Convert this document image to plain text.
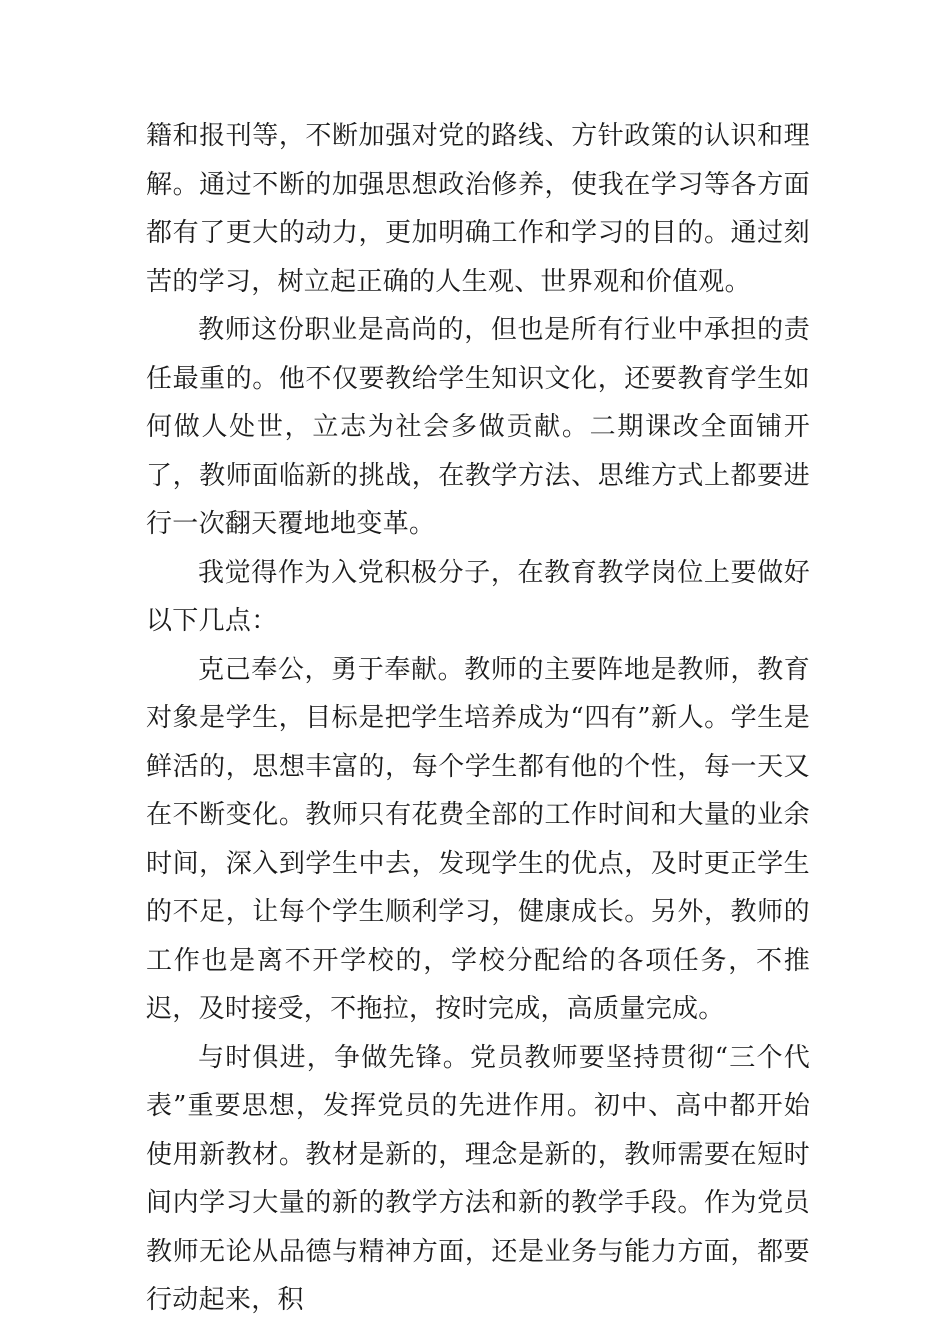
籍和报刊等，不断加强对党的路线、方针政策的认识和理解。通过不断的加强思想政治修养，使我在学习等各方面都有了更大的动力，更加明确工作和学习的目的。通过刻苦的学习，树立起正确的人生观、世界观和价值观。

教师这份职业是高尚的，但也是所有行业中承担的责任最重的。他不仅要教给学生知识文化，还要教育学生如何做人处世，立志为社会多做贡献。二期课改全面铺开了，教师面临新的挑战，在教学方法、思维方式上都要进行一次翻天覆地地变革。

我觉得作为入党积极分子，在教育教学岗位上要做好以下几点：

克己奉公，勇于奉献。教师的主要阵地是教师，教育对象是学生，目标是把学生培养成为“四有”新人。学生是鲜活的，思想丰富的，每个学生都有他的个性，每一天又在不断变化。教师只有花费全部的工作时间和大量的业余时间，深入到学生中去，发现学生的优点，及时更正学生的不足，让每个学生顺利学习，健康成长。另外，教师的工作也是离不开学校的，学校分配给的各项任务，不推迟，及时接受，不拖拉，按时完成，高质量完成。

与时俱进，争做先锋。党员教师要坚持贯彻“三个代表”重要思想，发挥党员的先进作用。初中、高中都开始使用新教材。教材是新的，理念是新的，教师需要在短时间内学习大量的新的教学方法和新的教学手段。作为党员教师无论从品德与精神方面，还是业务与能力方面，都要行动起来，积
